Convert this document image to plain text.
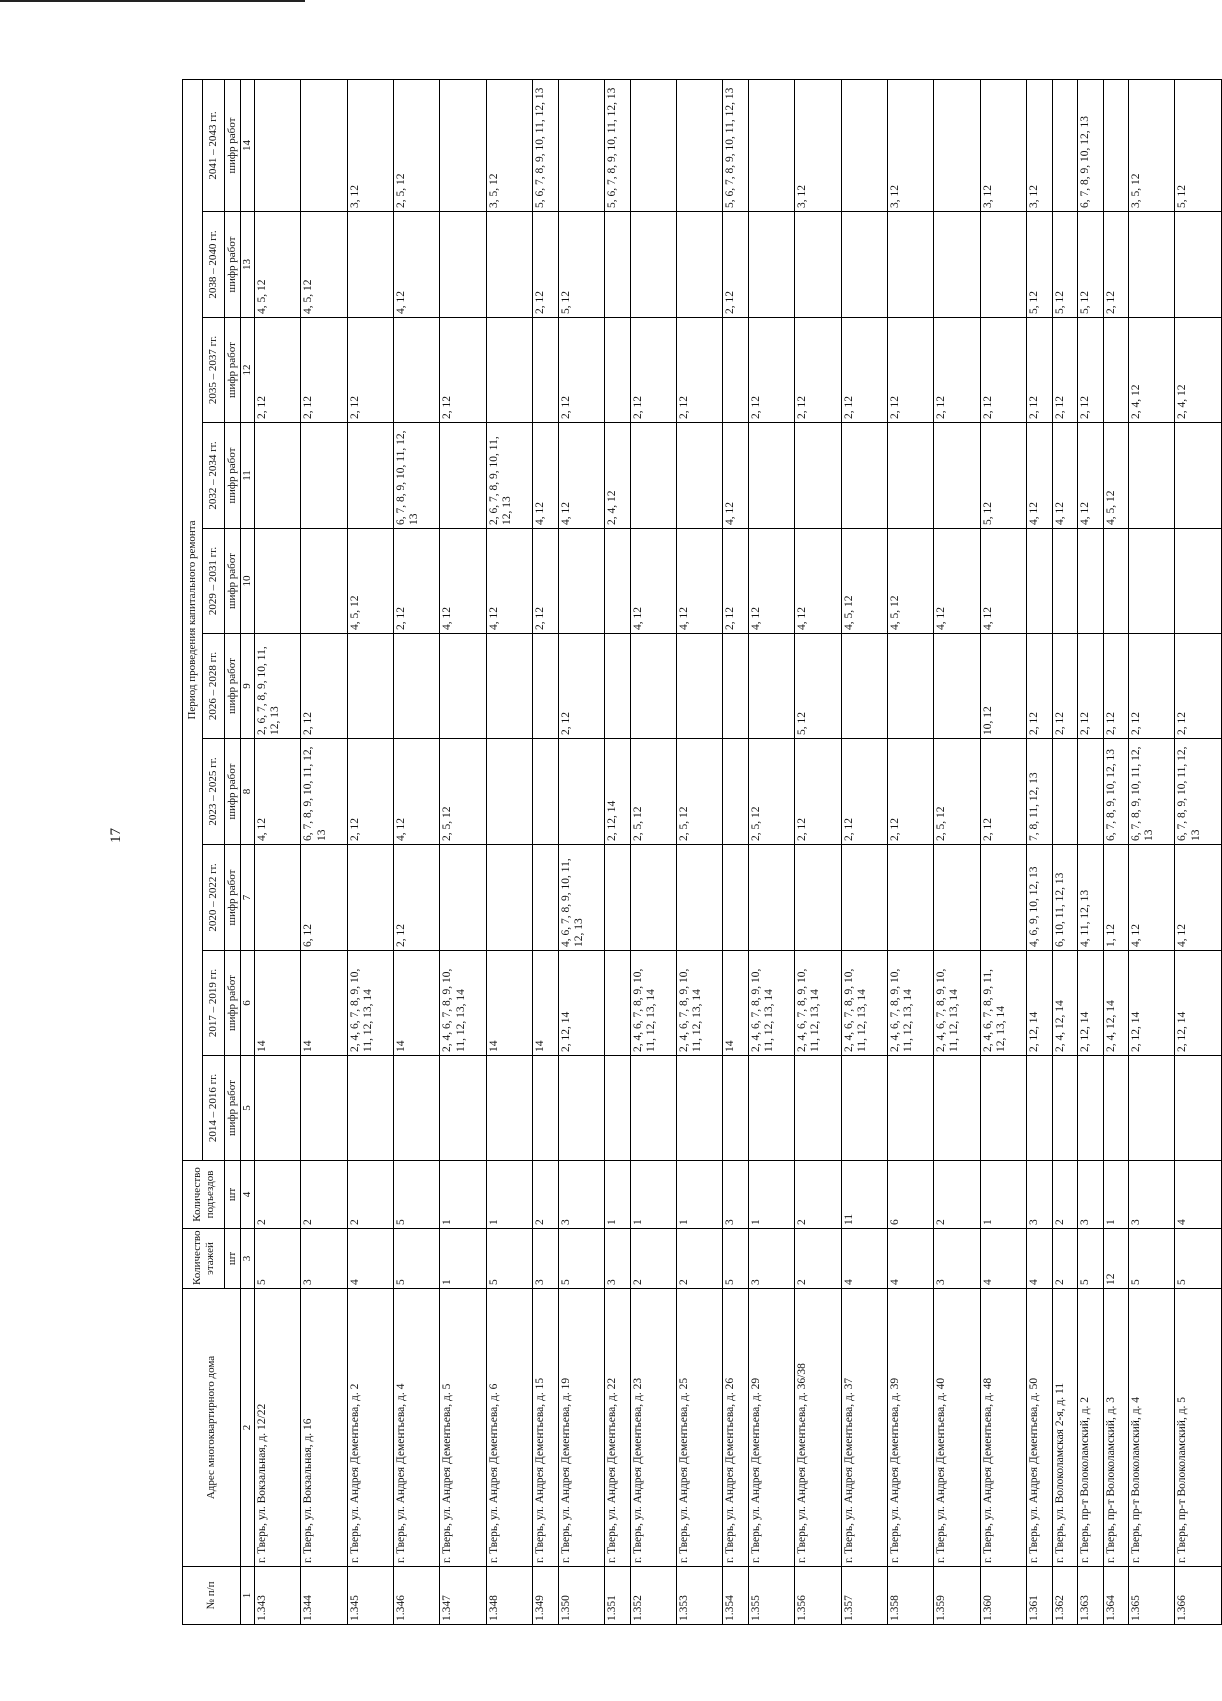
17
№ п/п	Адрес многоквартирного дома	Количество этажей	Количество подъездов	Период проведения капитального ремонта									
				2014 – 2016 гг.	2017 – 2019 гг.	2020 – 2022 гг.	2023 – 2025 гг.	2026 – 2028 гг.	2029 – 2031 гг.	2032 – 2034 гг.	2035 – 2037 гг.	2038 – 2040 гг.	2041 – 2043 гг.
		шт	шт	шифр работ	шифр работ	шифр работ	шифр работ	шифр работ	шифр работ	шифр работ	шифр работ	шифр работ	шифр работ
1	2	3	4	5	6	7	8	9	10	11	12	13	14
1.343	г. Тверь, ул. Вокзальная, д. 12/22	5	2		14		4, 12	2, 6, 7, 8, 9, 10, 11, 12, 13			2, 12	4, 5, 12	
1.344	г. Тверь, ул. Вокзальная, д. 16	3	2		14	6, 12	6, 7, 8, 9, 10, 11, 12, 13	2, 12			2, 12	4, 5, 12	
1.345	г. Тверь, ул. Андрея Дементьева, д. 2	4	2		2, 4, 6, 7, 8, 9, 10, 11, 12, 13, 14		2, 12		4, 5, 12		2, 12		3, 12
1.346	г. Тверь, ул. Андрея Дементьева, д. 4	5	5		14	2, 12	4, 12		2, 12	6, 7, 8, 9, 10, 11, 12, 13		4, 12	2, 5, 12
1.347	г. Тверь, ул. Андрея Дементьева, д. 5	1	1		2, 4, 6, 7, 8, 9, 10, 11, 12, 13, 14		2, 5, 12		4, 12		2, 12		
1.348	г. Тверь, ул. Андрея Дементьева, д. 6	5	1		14				4, 12	2, 6, 7, 8, 9, 10, 11, 12, 13			3, 5, 12
1.349	г. Тверь, ул. Андрея Дементьева, д. 15	3	2		14				2, 12	4, 12		2, 12	5, 6, 7, 8, 9, 10, 11, 12, 13
1.350	г. Тверь, ул. Андрея Дементьева, д. 19	5	3		2, 12, 14	4, 6, 7, 8, 9, 10, 11, 12, 13		2, 12		4, 12	2, 12	5, 12	
1.351	г. Тверь, ул. Андрея Дементьева, д. 22	3	1				2, 12, 14			2, 4, 12			5, 6, 7, 8, 9, 10, 11, 12, 13
1.352	г. Тверь, ул. Андрея Дементьева, д. 23	2	1		2, 4, 6, 7, 8, 9, 10, 11, 12, 13, 14		2, 5, 12		4, 12		2, 12		
1.353	г. Тверь, ул. Андрея Дементьева, д. 25	2	1		2, 4, 6, 7, 8, 9, 10, 11, 12, 13, 14		2, 5, 12		4, 12		2, 12		
1.354	г. Тверь, ул. Андрея Дементьева, д. 26	5	3		14				2, 12	4, 12		2, 12	5, 6, 7, 8, 9, 10, 11, 12, 13
1.355	г. Тверь, ул. Андрея Дементьева, д. 29	3	1		2, 4, 6, 7, 8, 9, 10, 11, 12, 13, 14		2, 5, 12		4, 12		2, 12		
1.356	г. Тверь, ул. Андрея Дементьева, д. 36/38	2	2		2, 4, 6, 7, 8, 9, 10, 11, 12, 13, 14		2, 12	5, 12	4, 12		2, 12		3, 12
1.357	г. Тверь, ул. Андрея Дементьева, д. 37	4	11		2, 4, 6, 7, 8, 9, 10, 11, 12, 13, 14		2, 12		4, 5, 12		2, 12		
1.358	г. Тверь, ул. Андрея Дементьева, д. 39	4	6		2, 4, 6, 7, 8, 9, 10, 11, 12, 13, 14		2, 12		4, 5, 12		2, 12		3, 12
1.359	г. Тверь, ул. Андрея Дементьева, д. 40	3	2		2, 4, 6, 7, 8, 9, 10, 11, 12, 13, 14		2, 5, 12		4, 12		2, 12		
1.360	г. Тверь, ул. Андрея Дементьева, д. 48	4	1		2, 4, 6, 7, 8, 9, 11, 12, 13, 14		2, 12	10, 12	4, 12	5, 12	2, 12		3, 12
1.361	г. Тверь, ул. Андрея Дементьева, д. 50	4	3		2, 12, 14	4, 6, 9, 10, 12, 13	7, 8, 11, 12, 13	2, 12		4, 12	2, 12	5, 12	3, 12
1.362	г. Тверь, ул. Волоколамская 2-я, д. 11	2	2		2, 4, 12, 14	6, 10, 11, 12, 13		2, 12		4, 12	2, 12	5, 12	
1.363	г. Тверь, пр-т Волоколамский, д. 2	5	3		2, 12, 14	4, 11, 12, 13		2, 12		4, 12	2, 12	5, 12	6, 7, 8, 9, 10, 12, 13
1.364	г. Тверь, пр-т Волоколамский, д. 3	12	1		2, 4, 12, 14	1, 12	6, 7, 8, 9, 10, 12, 13	2, 12		4, 5, 12		2, 12	
1.365	г. Тверь, пр-т Волоколамский, д. 4	5	3		2, 12, 14	4, 12	6, 7, 8, 9, 10, 11, 12, 13	2, 12			2, 4, 12		3, 5, 12
1.366	г. Тверь, пр-т Волоколамский, д. 5	5	4		2, 12, 14	4, 12	6, 7, 8, 9, 10, 11, 12, 13	2, 12			2, 4, 12		5, 12
